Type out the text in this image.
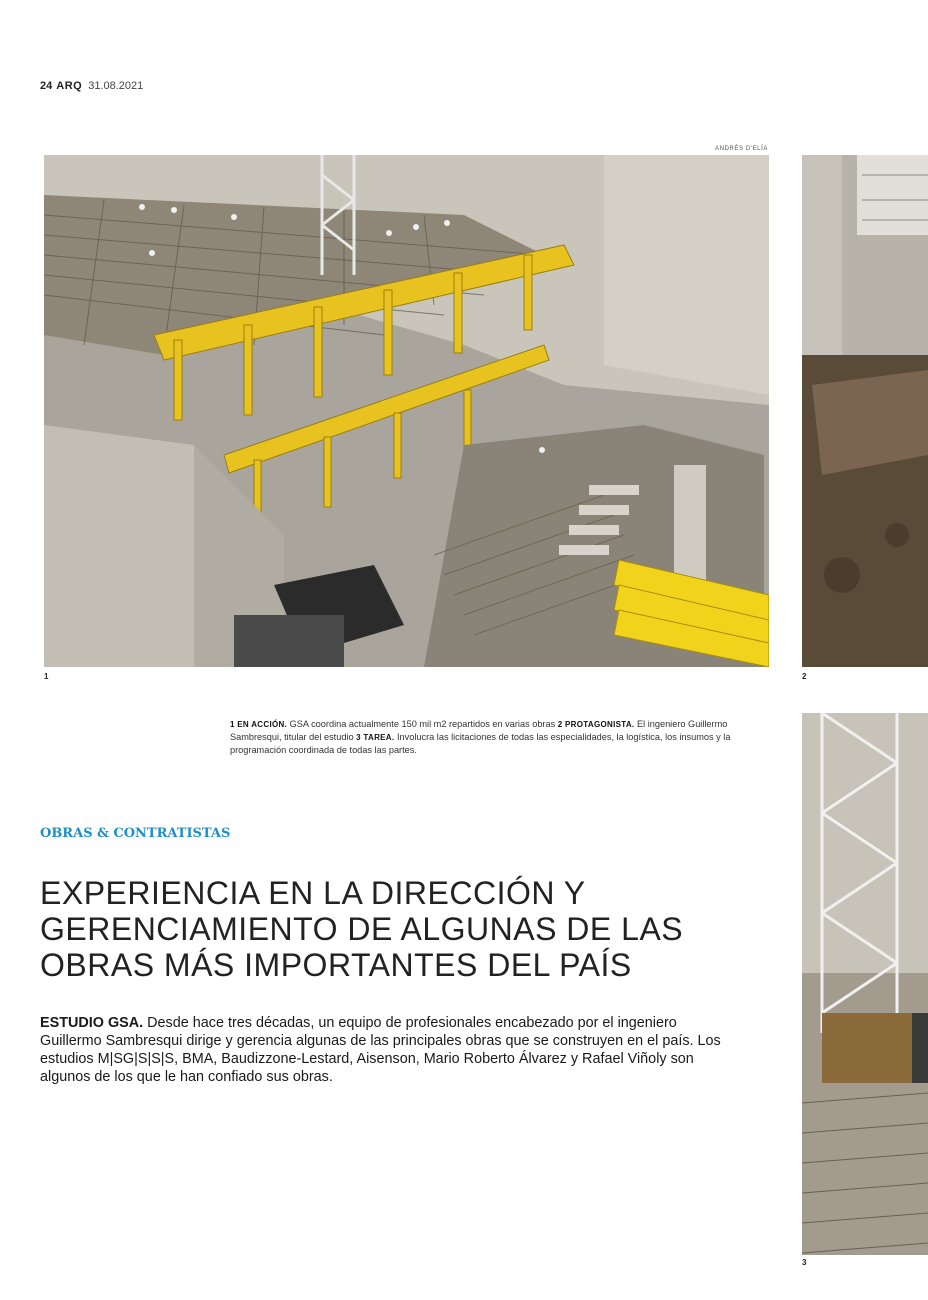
24 ARQ 31.08.2021
ANDRÉS D'ELÍA
1	2
3

1 EN ACCIÓN. GSA coordina actualmente 150 mil m2 repartidos en varias obras 2 PROTAGONISTA. El ingeniero Guillermo Sambresqui, titular del estudio 3 TAREA. Involucra las licitaciones de todas las especialidades, la logística, los insumos y la programación coordinada de todas las partes.

OBRAS & CONTRATISTAS
EXPERIENCIA EN LA DIRECCIÓN Y
GERENCIAMIENTO DE ALGUNAS DE LAS
OBRAS MÁS IMPORTANTES DEL PAÍS

ESTUDIO GSA. Desde hace tres décadas, un equipo de profesionales encabezado por el ingeniero Guillermo Sambresqui dirige y gerencia algunas de las principales obras que se construyen en el país. Los estudios M|SG|S|S|S, BMA, Baudizzone-Lestard, Aisenson, Mario Roberto Álvarez y Rafael Viñoly son algunos de los que le han confiado sus obras.
